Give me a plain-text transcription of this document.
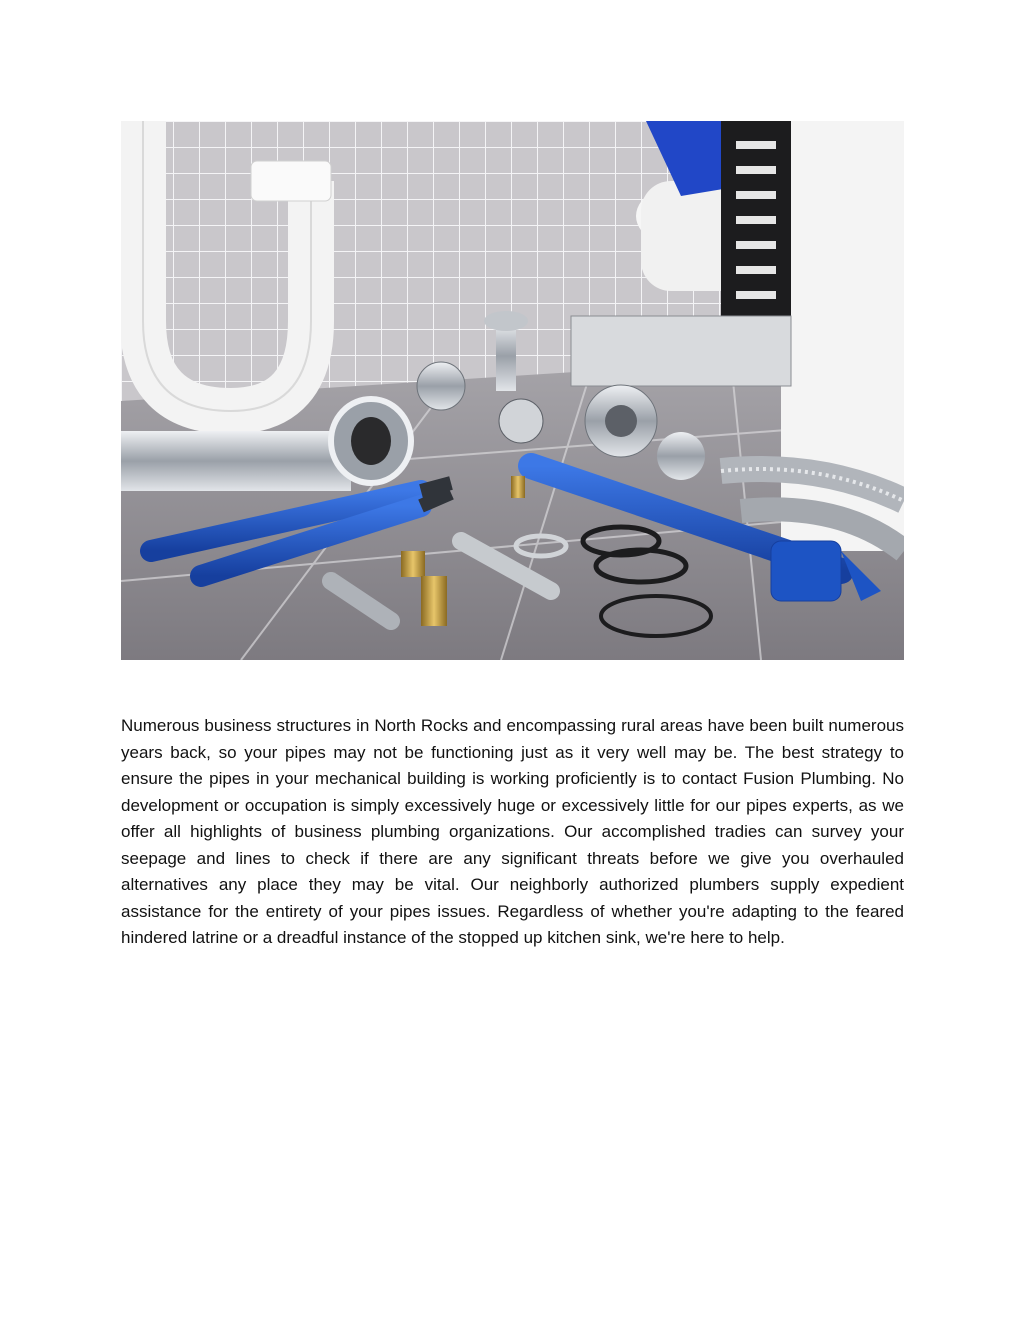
Numerous business structures in North Rocks and encompassing rural areas have been built numerous years back, so your pipes may not be functioning just as it very well may be. The best strategy to ensure the pipes in your mechanical building is working proficiently is to contact Fusion Plumbing. No development or occupation is simply excessively huge or excessively little for our pipes experts, as we offer all highlights of business plumbing organizations. Our accomplished tradies can survey your seepage and lines to check if there are any significant threats before we give you overhauled alternatives any place they may be vital. Our neighborly authorized plumbers supply expedient assistance for the entirety of your pipes issues. Regardless of whether you're adapting to the feared hindered latrine or a dreadful instance of the stopped up kitchen sink, we're here to help.
